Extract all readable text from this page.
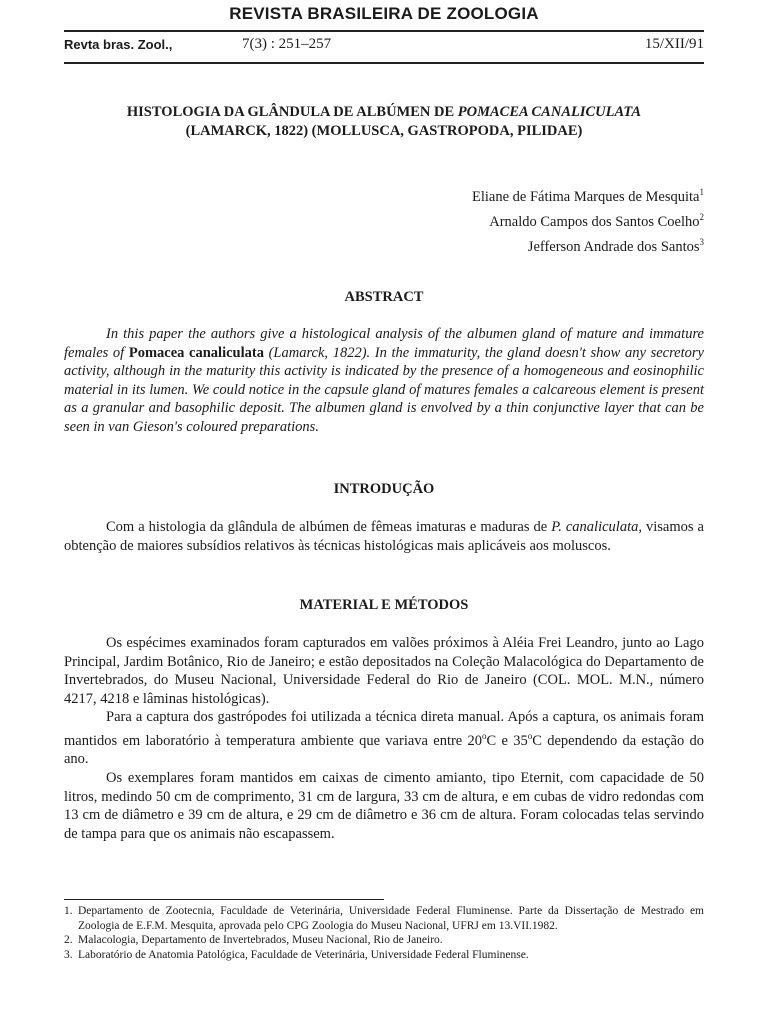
REVISTA BRASILEIRA DE ZOOLOGIA
Revta bras. Zool.,	7(3) : 251–257	15/XII/91
HISTOLOGIA DA GLÂNDULA DE ALBÚMEN DE POMACEA CANALICULATA
(LAMARCK, 1822) (MOLLUSCA, GASTROPODA, PILIDAE)
Eliane de Fátima Marques de Mesquita$^1$
Arnaldo Campos dos Santos Coelho$^2$
Jefferson Andrade dos Santos$^3$
ABSTRACT

In this paper the authors give a histological analysis of the albumen gland of mature and immature females of Pomacea canaliculata (Lamarck, 1822). In the immaturity, the gland doesn't show any secretory activity, although in the maturity this activity is indicated by the presence of a homogeneous and eosinophilic material in its lumen. We could notice in the capsule gland of matures females a calcareous element is present as a granular and basophilic deposit. The albumen gland is envolved by a thin conjunctive layer that can be seen in van Gieson's coloured preparations.

INTRODUÇÃO

Com a histologia da glândula de albúmen de fêmeas imaturas e maduras de P. canaliculata, visamos a obtenção de maiores subsídios relativos às técnicas histológicas mais aplicáveis aos moluscos.

MATERIAL E MÉTODOS

Os espécimes examinados foram capturados em valões próximos à Aléia Frei Leandro, junto ao Lago Principal, Jardim Botânico, Rio de Janeiro; e estão depositados na Coleção Malacológica do Departamento de Invertebrados, do Museu Nacional, Universidade Federal do Rio de Janeiro (COL. MOL. M.N., número 4217, 4218 e lâminas histológicas).

Para a captura dos gastrópodes foi utilizada a técnica direta manual. Após a captura, os animais foram mantidos em laboratório à temperatura ambiente que variava entre 20$^o$C e 35$^o$C dependendo da estação do ano.

Os exemplares foram mantidos em caixas de cimento amianto, tipo Eternit, com capacidade de 50 litros, medindo 50 cm de comprimento, 31 cm de largura, 33 cm de altura, e em cubas de vidro redondas com 13 cm de diâmetro e 39 cm de altura, e 29 cm de diâmetro e 36 cm de altura. Foram colocadas telas servindo de tampa para que os animais não escapassem.

1. Departamento de Zootecnia, Faculdade de Veterinária, Universidade Federal Fluminense. Parte da Dissertação de Mestrado em Zoologia de E.F.M. Mesquita, aprovada pelo CPG Zoologia do Museu Nacional, UFRJ em 13.VII.1982.

2. Malacologia, Departamento de Invertebrados, Museu Nacional, Rio de Janeiro.

3. Laboratório de Anatomia Patológica, Faculdade de Veterinária, Universidade Federal Fluminense.
